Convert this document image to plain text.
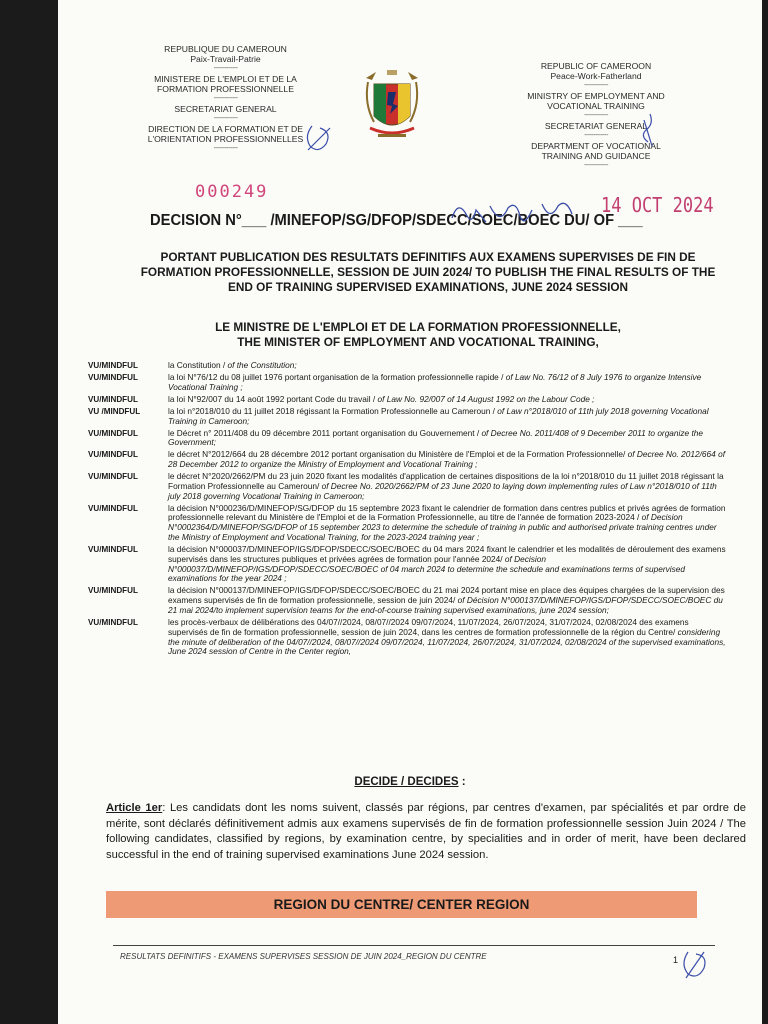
REPUBLIQUE DU CAMEROUN
Paix-Travail-Patrie
-------------
MINISTERE DE L'EMPLOI ET DE LA
FORMATION PROFESSIONNELLE
-------------
SECRETARIAT GENERAL
-------------
DIRECTION DE LA FORMATION ET DE
L'ORIENTATION PROFESSIONNELLES
-------------
REPUBLIC OF CAMEROON
Peace-Work-Fatherland
-------------
MINISTRY OF EMPLOYMENT AND
VOCATIONAL TRAINING
-------------
SECRETARIAT GENERAL
-------------
DEPARTMENT OF VOCATIONAL
TRAINING AND GUIDANCE
-------------
000249
14 OCT 2024
DECISION N°___ /MINEFOP/SG/DFOP/SDECC/SOEC/BOEC DU/ OF ___
PORTANT PUBLICATION DES RESULTATS DEFINITIFS AUX EXAMENS SUPERVISES DE FIN DE
FORMATION PROFESSIONNELLE, SESSION DE JUIN 2024/ TO PUBLISH THE FINAL RESULTS OF THE
END OF TRAINING SUPERVISED EXAMINATIONS, JUNE 2024 SESSION
LE MINISTRE DE L'EMPLOI ET DE LA FORMATION PROFESSIONNELLE,
THE MINISTER OF EMPLOYMENT AND VOCATIONAL TRAINING,
VU/MINDFUL	la Constitution / of the Constitution;
VU/MINDFUL	la loi N°76/12 du 08 juillet 1976 portant organisation de la formation professionnelle rapide / of Law No. 76/12 of 8 July 1976 to organize Intensive Vocational Training ;
VU/MINDFUL	la loi N°92/007 du 14 août 1992 portant Code du travail / of Law No. 92/007 of 14 August 1992 on the Labour Code ;
VU /MINDFUL	la loi n°2018/010 du 11 juillet 2018 régissant la Formation Professionnelle au Cameroun / of Law n°2018/010 of 11th july 2018 governing Vocational Training in Cameroon;
VU/MINDFUL	le Décret n° 2011/408 du 09 décembre 2011 portant organisation du Gouvernement / of Decree No. 2011/408 of 9 December 2011 to organize the Government;
VU/MINDFUL	le décret N°2012/664 du 28 décembre 2012 portant organisation du Ministère de l'Emploi et de la Formation Professionnelle/ of Decree No. 2012/664 of 28 December 2012 to organize the Ministry of Employment and Vocational Training ;
VU/MINDFUL	le décret N°2020/2662/PM du 23 juin 2020 fixant les modalités d'application de certaines dispositions de la loi n°2018/010 du 11 juillet 2018 régissant la Formation Professionnelle au Cameroun/ of Decree No. 2020/2662/PM of 23 June 2020 to laying down implementing rules of Law n°2018/010 of 11th july 2018 governing Vocational Training in Cameroon;
VU/MINDFUL	la décision N°000236/D/MINEFOP/SG/DFOP du 15 septembre 2023 fixant le calendrier de formation dans centres publics et privés agrées de formation professionnelle relevant du Ministère de l'Emploi et de la Formation Professionnelle, au titre de l'année de formation 2023-2024 / of Decision N°0002364/D/MINEFOP/SG/DFOP of 15 september 2023 to determine the schedule of training in public and authorised private training centres under the Ministry of Employment and Vocational Training, for the 2023-2024 training year ;
VU/MINDFUL	la décision N°000037/D/MINEFOP/IGS/DFOP/SDECC/SOEC/BOEC du 04 mars 2024 fixant le calendrier et les modalités de déroulement des examens supervisés dans les structures publiques et privées agrées de formation pour l'année 2024/ of Decision N°000037/D/MINEFOP/IGS/DFOP/SDECC/SOEC/BOEC of 04 march 2024 to determine the schedule and examinations terms of supervised examinations for the year 2024 ;
VU/MINDFUL	la décision N°000137/D/MINEFOP/IGS/DFOP/SDECC/SOEC/BOEC du 21 mai 2024 portant mise en place des équipes chargées de la supervision des examens supervisés de fin de formation professionnelle, session de juin 2024/ of Décision N°000137/D/MINEFOP/IGS/DFOP/SDECC/SOEC/BOEC du 21 mai 2024/to implement supervision teams for the end-of-course training supervised examinations, june 2024 session;
VU/MINDFUL	les procès-verbaux de délibérations des 04/07//2024, 08/07//2024 09/07/2024, 11/07/2024, 26/07/2024, 31/07/2024, 02/08/2024 des examens supervisés de fin de formation professionnelle, session de juin 2024, dans les centres de formation professionnelle de la région du Centre/ considering the minute of deliberation of the 04/07//2024, 08/07//2024 09/07/2024, 11/07/2024, 26/07/2024, 31/07/2024, 02/08/2024 of the supervised examinations, June 2024 session of Centre in the Center region,
DECIDE / DECIDES :
Article 1er: Les candidats dont les noms suivent, classés par régions, par centres d'examen, par spécialités et par ordre de mérite, sont déclarés définitivement admis aux examens supervisés de fin de formation professionnelle session Juin 2024 / The following candidates, classified by regions, by examination centre, by specialities and in order of merit, have been declared successful in the end of training supervised examinations June 2024 session.
REGION DU CENTRE/ CENTER REGION
RESULTATS DEFINITIFS - EXAMENS SUPERVISES SESSION DE JUIN 2024_REGION DU CENTRE	1
